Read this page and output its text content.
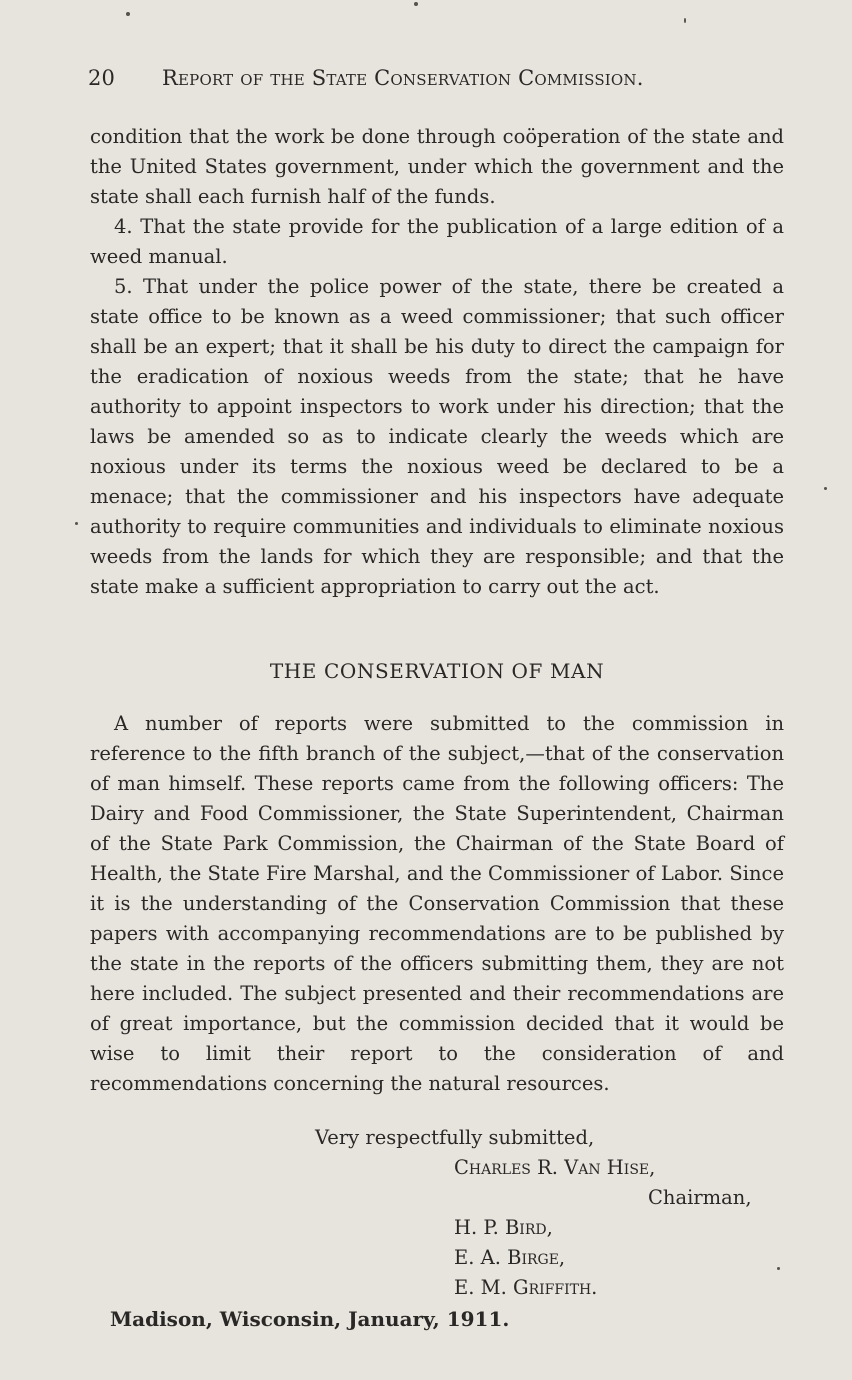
20 Report of the State Conservation Commission.

condition that the work be done through coöperation of the state and the United States government, under which the government and the state shall each furnish half of the funds.

4. That the state provide for the publication of a large edition of a weed manual.

5. That under the police power of the state, there be created a state office to be known as a weed commissioner; that such officer shall be an expert; that it shall be his duty to direct the campaign for the eradication of noxious weeds from the state; that he have authority to appoint inspectors to work under his direction; that the laws be amended so as to indicate clearly the weeds which are noxious under its terms the noxious weed be declared to be a menace; that the commissioner and his inspectors have adequate authority to require communities and individuals to eliminate noxious weeds from the lands for which they are responsible; and that the state make a sufficient appropriation to carry out the act.

THE CONSERVATION OF MAN

A number of reports were submitted to the commission in reference to the fifth branch of the subject,—that of the conservation of man himself. These reports came from the following officers: The Dairy and Food Commissioner, the State Superintendent, Chairman of the State Park Commission, the Chairman of the State Board of Health, the State Fire Marshal, and the Commissioner of Labor. Since it is the understanding of the Conservation Commission that these papers with accompanying recommendations are to be published by the state in the reports of the officers submitting them, they are not here included. The subject presented and their recommendations are of great importance, but the commission decided that it would be wise to limit their report to the consideration of and recommendations concerning the natural resources.

Very respectfully submitted,
Charles R. Van Hise,
Chairman,
H. P. Bird,
E. A. Birge,
E. M. Griffith.
Madison, Wisconsin, January, 1911.
